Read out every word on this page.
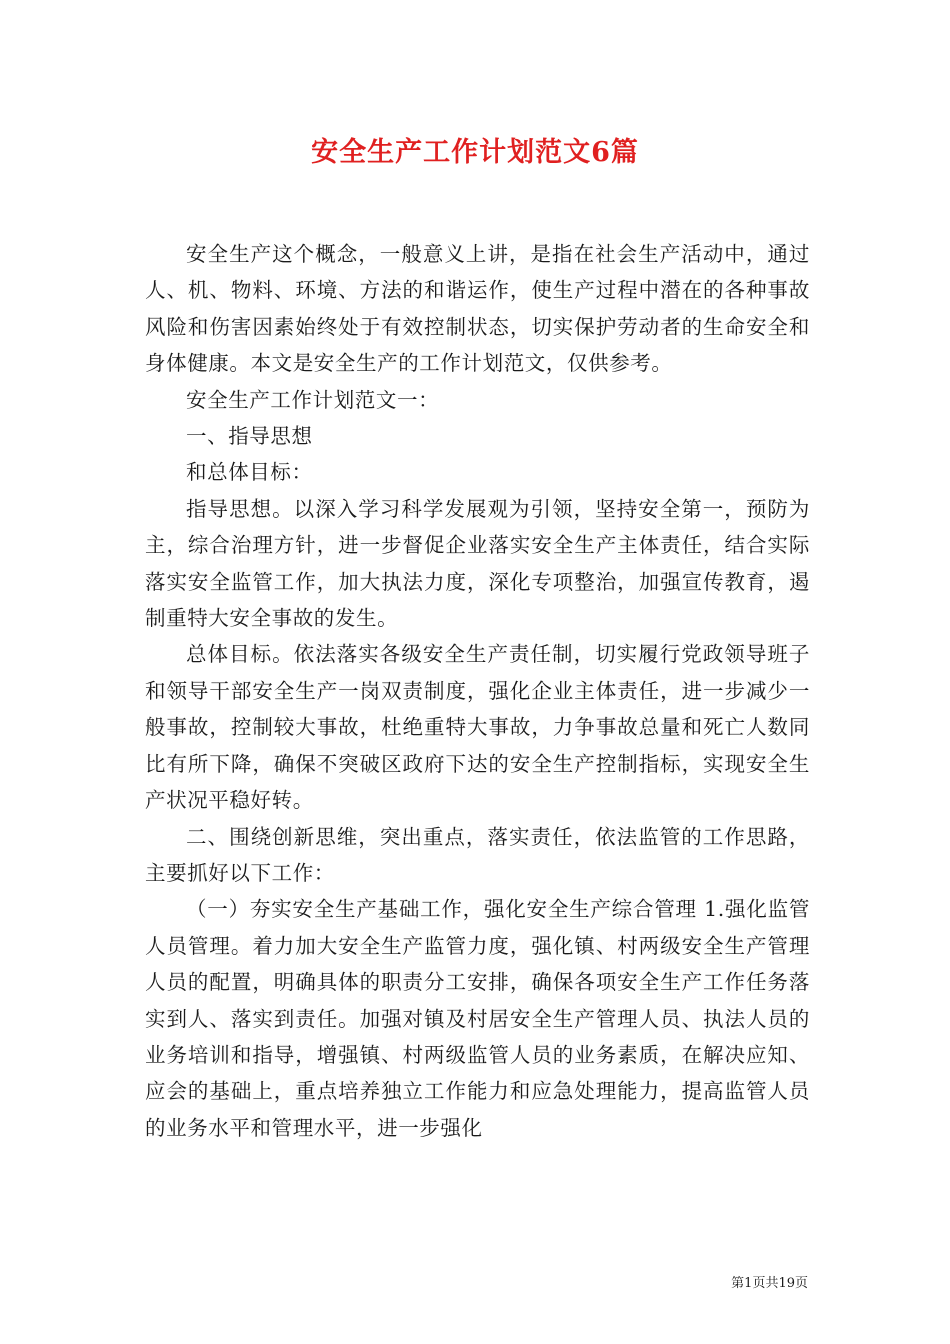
安全生产工作计划范文6篇

安全生产这个概念，一般意义上讲，是指在社会生产活动中，通过人、机、物料、环境、方法的和谐运作，使生产过程中潜在的各种事故风险和伤害因素始终处于有效控制状态，切实保护劳动者的生命安全和身体健康。本文是安全生产的工作计划范文，仅供参考。

安全生产工作计划范文一：

一、指导思想

和总体目标：

指导思想。以深入学习科学发展观为引领，坚持安全第一，预防为主，综合治理方针，进一步督促企业落实安全生产主体责任，结合实际落实安全监管工作，加大执法力度，深化专项整治，加强宣传教育，遏制重特大安全事故的发生。

总体目标。依法落实各级安全生产责任制，切实履行党政领导班子和领导干部安全生产一岗双责制度，强化企业主体责任，进一步减少一般事故，控制较大事故，杜绝重特大事故，力争事故总量和死亡人数同比有所下降，确保不突破区政府下达的安全生产控制指标，实现安全生产状况平稳好转。

二、围绕创新思维，突出重点，落实责任，依法监管的工作思路，主要抓好以下工作：

（一）夯实安全生产基础工作，强化安全生产综合管理 1.强化监管人员管理。着力加大安全生产监管力度，强化镇、村两级安全生产管理人员的配置，明确具体的职责分工安排，确保各项安全生产工作任务落实到人、落实到责任。加强对镇及村居安全生产管理人员、执法人员的业务培训和指导，增强镇、村两级监管人员的业务素质，在解决应知、应会的基础上，重点培养独立工作能力和应急处理能力，提高监管人员的业务水平和管理水平，进一步强化

第1页共19页
